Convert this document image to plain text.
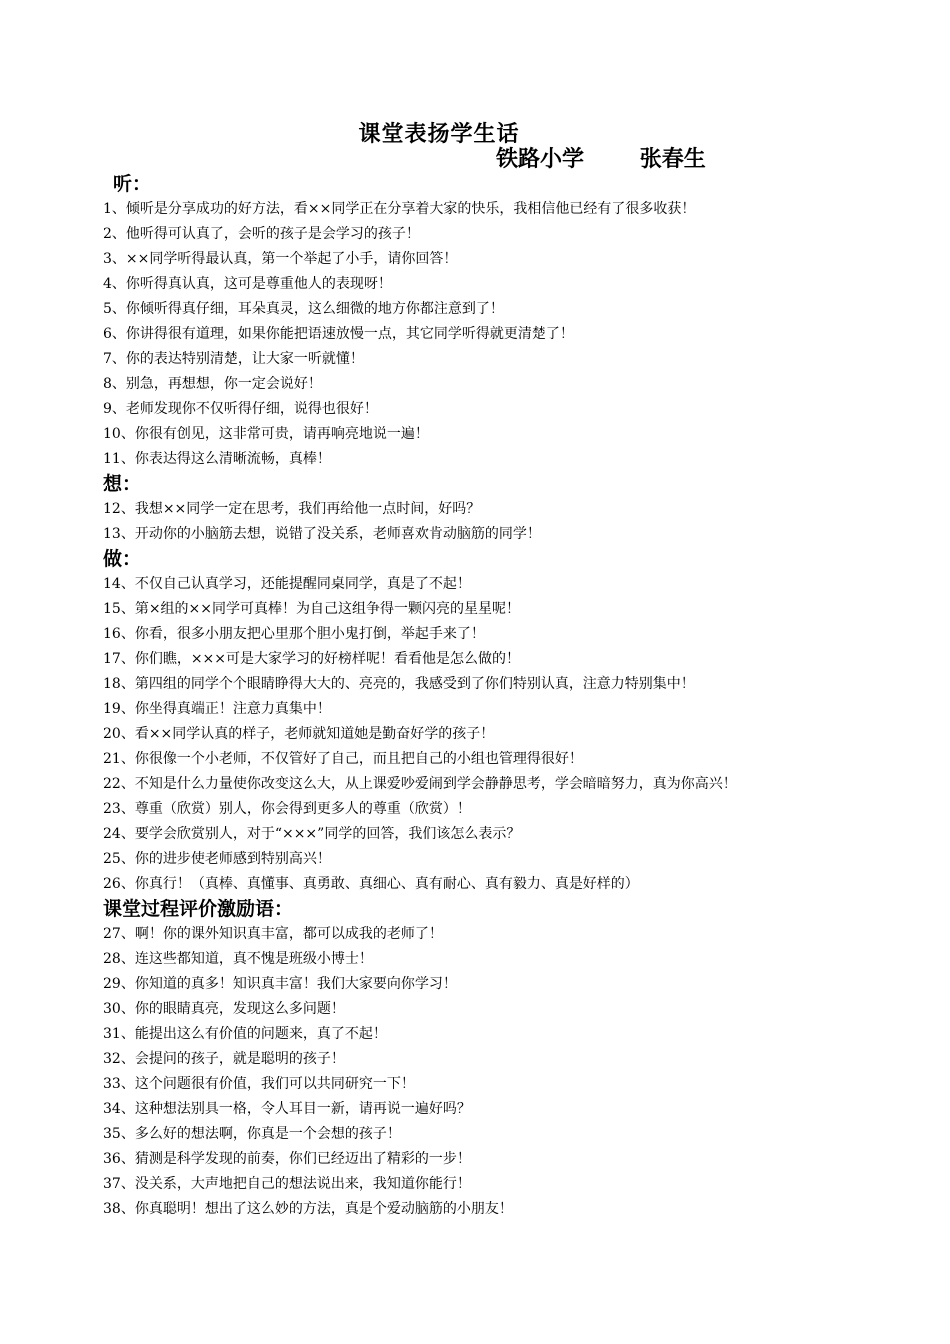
课堂表扬学生话
铁路小学	张春生
听：
1、倾听是分享成功的好方法，看××同学正在分享着大家的快乐，我相信他已经有了很多收获！
2、他听得可认真了，会听的孩子是会学习的孩子！
3、××同学听得最认真，第一个举起了小手，请你回答！
4、你听得真认真，这可是尊重他人的表现呀！
5、你倾听得真仔细，耳朵真灵，这么细微的地方你都注意到了！
6、你讲得很有道理，如果你能把语速放慢一点，其它同学听得就更清楚了！
7、你的表达特别清楚，让大家一听就懂！
8、别急，再想想，你一定会说好！
9、老师发现你不仅听得仔细，说得也很好！
10、你很有创见，这非常可贵，请再响亮地说一遍！
11、你表达得这么清晰流畅，真棒！
想：
12、我想××同学一定在思考，我们再给他一点时间，好吗？
13、开动你的小脑筋去想，说错了没关系，老师喜欢肯动脑筋的同学！
做：
14、不仅自己认真学习，还能提醒同桌同学，真是了不起！
15、第×组的××同学可真棒！为自己这组争得一颗闪亮的星星呢！
16、你看，很多小朋友把心里那个胆小鬼打倒，举起手来了！
17、你们瞧，×××可是大家学习的好榜样呢！看看他是怎么做的！
18、第四组的同学个个眼睛睁得大大的、亮亮的，我感受到了你们特别认真，注意力特别集中！
19、你坐得真端正！注意力真集中！
20、看××同学认真的样子，老师就知道她是勤奋好学的孩子！
21、你很像一个小老师，不仅管好了自己，而且把自己的小组也管理得很好！
22、不知是什么力量使你改变这么大，从上课爱吵爱闹到学会静静思考，学会暗暗努力，真为你高兴！
23、尊重（欣赏）别人，你会得到更多人的尊重（欣赏）！
24、要学会欣赏别人，对于“×××”同学的回答，我们该怎么表示？
25、你的进步使老师感到特别高兴！
26、你真行！（真棒、真懂事、真勇敢、真细心、真有耐心、真有毅力、真是好样的）
课堂过程评价激励语：
27、啊！你的课外知识真丰富，都可以成我的老师了！
28、连这些都知道，真不愧是班级小博士！
29、你知道的真多！知识真丰富！我们大家要向你学习！
30、你的眼睛真亮，发现这么多问题！
31、能提出这么有价值的问题来，真了不起！
32、会提问的孩子，就是聪明的孩子！
33、这个问题很有价值，我们可以共同研究一下！
34、这种想法别具一格，令人耳目一新，请再说一遍好吗？
35、多么好的想法啊，你真是一个会想的孩子！
36、猜测是科学发现的前奏，你们已经迈出了精彩的一步！
37、没关系，大声地把自己的想法说出来，我知道你能行！
38、你真聪明！想出了这么妙的方法，真是个爱动脑筋的小朋友！
